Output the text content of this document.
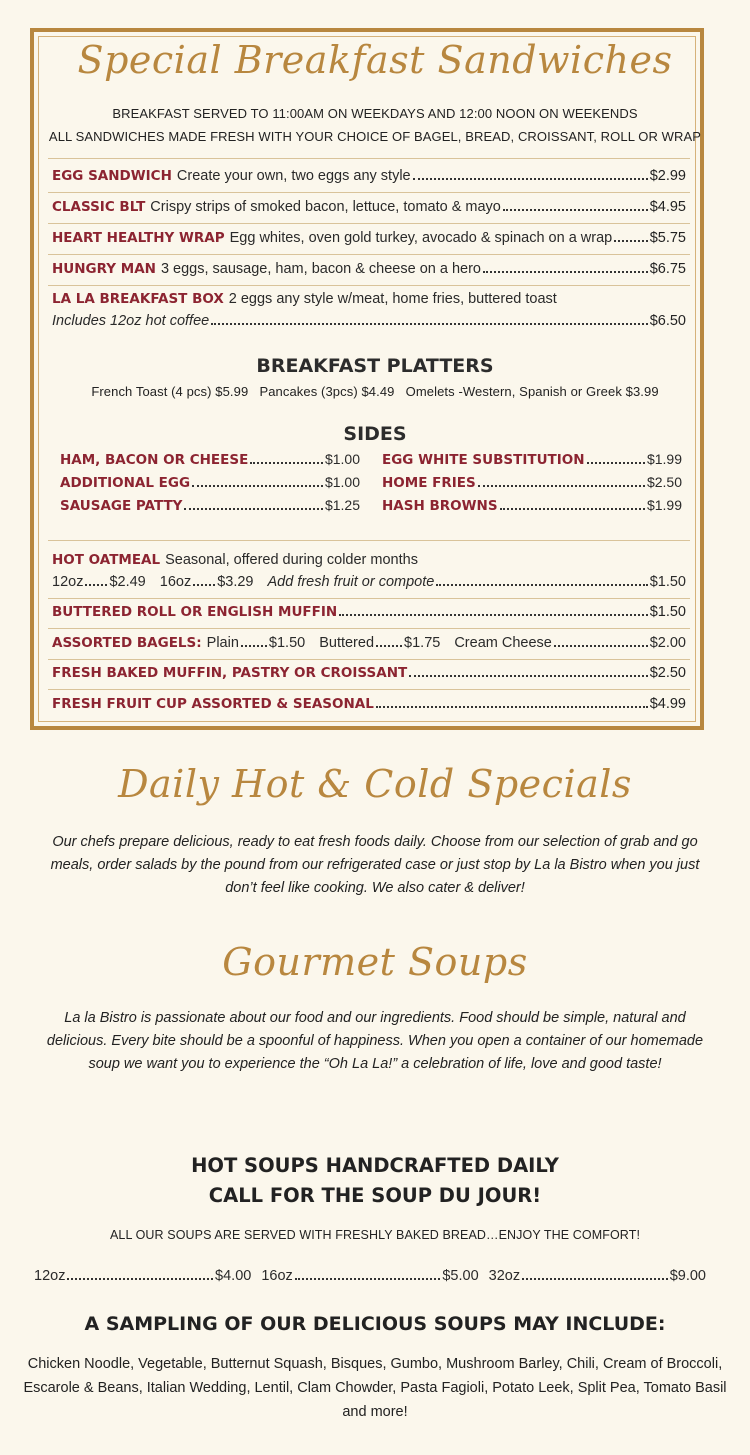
Special Breakfast Sandwiches
BREAKFAST SERVED TO 11:00AM ON WEEKDAYS AND 12:00 NOON ON WEEKENDS
ALL SANDWICHES MADE FRESH WITH YOUR CHOICE OF BAGEL, BREAD, CROISSANT, ROLL OR WRAP
EGG SANDWICH Create your own, two eggs any style	$2.99
CLASSIC BLT Crispy strips of smoked bacon, lettuce, tomato & mayo	$4.95
HEART HEALTHY WRAP Egg whites, oven gold turkey, avocado & spinach on a wrap	$5.75
HUNGRY MAN 3 eggs, sausage, ham, bacon & cheese on a hero	$6.75
LA LA BREAKFAST BOX 2 eggs any style w/meat, home fries, buttered toast
Includes 12oz hot coffee	$6.50
BREAKFAST PLATTERS
French Toast (4 pcs) $5.99   Pancakes (3pcs) $4.49   Omelets -Western, Spanish or Greek $3.99
SIDES
HAM, BACON OR CHEESE	$1.00
ADDITIONAL EGG	$1.00
SAUSAGE PATTY	$1.25
EGG WHITE SUBSTITUTION	$1.99
HOME FRIES	$2.50
HASH BROWNS	$1.99
HOT OATMEAL Seasonal, offered during colder months
12oz $2.49 16oz $3.29 Add fresh fruit or compote	$1.50
BUTTERED ROLL OR ENGLISH MUFFIN	$1.50
ASSORTED BAGELS: Plain $1.50 Buttered $1.75 Cream Cheese	$2.00
FRESH BAKED MUFFIN, PASTRY OR CROISSANT	$2.50
FRESH FRUIT CUP ASSORTED & SEASONAL	$4.99
Daily Hot & Cold Specials
Our chefs prepare delicious, ready to eat fresh foods daily. Choose from our selection of grab and go meals, order salads by the pound from our refrigerated case or just stop by La la Bistro when you just don’t feel like cooking. We also cater & deliver!
Gourmet Soups
La la Bistro is passionate about our food and our ingredients. Food should be simple, natural and delicious. Every bite should be a spoonful of happiness. When you open a container of our homemade soup we want you to experience the “Oh La La!” a celebration of life, love and good taste!
HOT SOUPS HANDCRAFTED DAILY
CALL FOR THE SOUP DU JOUR!
ALL OUR SOUPS ARE SERVED WITH FRESHLY BAKED BREAD…ENJOY THE COMFORT!
12oz	$4.00 16oz	$5.00 32oz	$9.00
A SAMPLING OF OUR DELICIOUS SOUPS MAY INCLUDE:
Chicken Noodle, Vegetable, Butternut Squash, Bisques, Gumbo, Mushroom Barley, Chili, Cream of Broccoli, Escarole & Beans, Italian Wedding, Lentil, Clam Chowder, Pasta Fagioli, Potato Leek, Split Pea, Tomato Basil and more!
